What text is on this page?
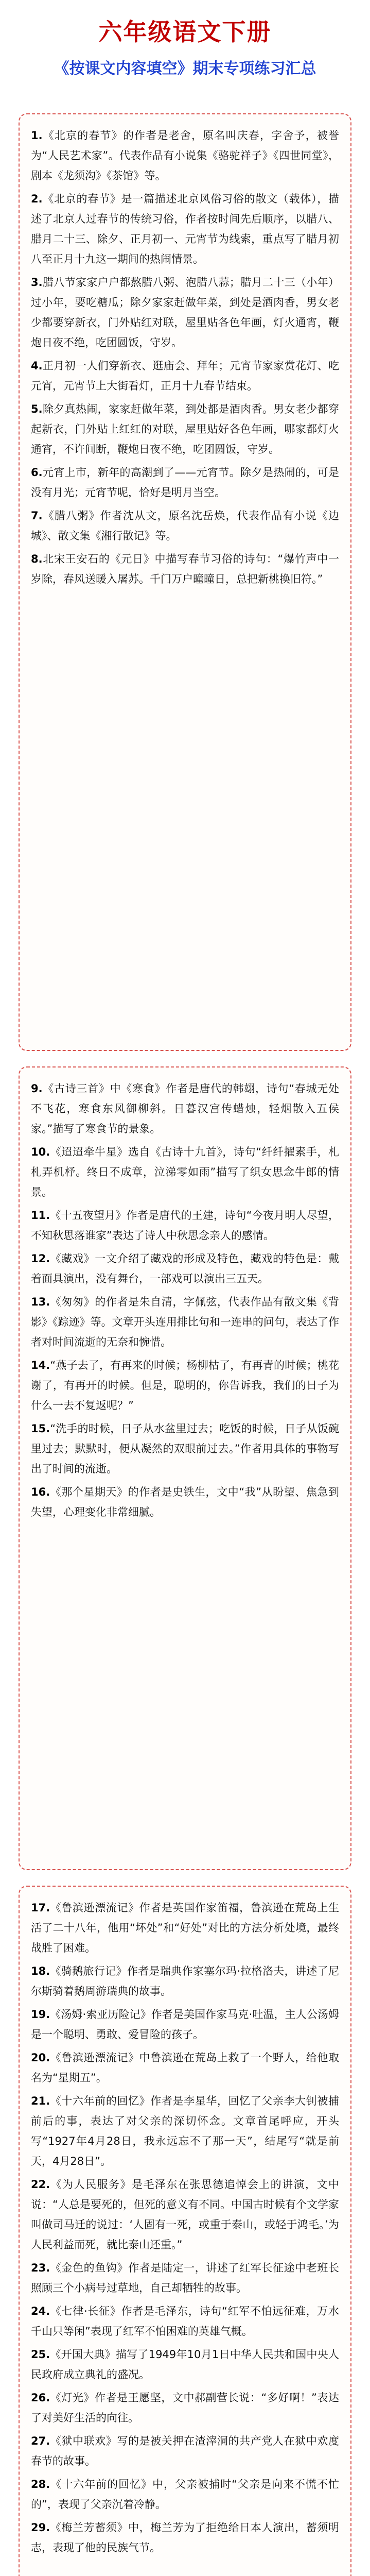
六年级语文下册
《按课文内容填空》期末专项练习汇总
1.《北京的春节》的作者是老舍，原名叫庆春，字舍予，被誉为“人民艺术家”。代表作品有小说集《骆驼祥子》《四世同堂》，剧本《龙须沟》《茶馆》等。
2.《北京的春节》是一篇描述北京风俗习俗的散文（载体），描述了北京人过春节的传统习俗，作者按时间先后顺序，以腊八、腊月二十三、除夕、正月初一、元宵节为线索，重点写了腊月初八至正月十九这一期间的热闹情景。
3.腊八节家家户户都熬腊八粥、泡腊八蒜；腊月二十三（小年）过小年，要吃糖瓜；除夕家家赶做年菜，到处是酒肉香，男女老少都要穿新衣，门外贴红对联，屋里贴各色年画，灯火通宵，鞭炮日夜不绝，吃团圆饭，守岁。
4.正月初一人们穿新衣、逛庙会、拜年；元宵节家家赏花灯、吃元宵，元宵节上大街看灯，正月十九春节结束。
5.除夕真热闹，家家赶做年菜，到处都是酒肉香。男女老少都穿起新衣，门外贴上红红的对联，屋里贴好各色年画，哪家都灯火通宵，不许间断，鞭炮日夜不绝，吃团圆饭，守岁。
6.元宵上市，新年的高潮到了——元宵节。除夕是热闹的，可是没有月光；元宵节呢，恰好是明月当空。
7.《腊八粥》作者沈从文，原名沈岳焕，代表作品有小说《边城》、散文集《湘行散记》等。
8.北宋王安石的《元日》中描写春节习俗的诗句：“爆竹声中一岁除，春风送暖入屠苏。千门万户曈曈日，总把新桃换旧符。”
9.《古诗三首》中《寒食》作者是唐代的韩翃，诗句“春城无处不飞花，寒食东风御柳斜。日暮汉宫传蜡烛，轻烟散入五侯家。”描写了寒食节的景象。
10.《迢迢牵牛星》选自《古诗十九首》，诗句“纤纤擢素手，札札弄机杼。终日不成章，泣涕零如雨”描写了织女思念牛郎的情景。
11.《十五夜望月》作者是唐代的王建，诗句“今夜月明人尽望，不知秋思落谁家”表达了诗人中秋思念亲人的感情。
12.《藏戏》一文介绍了藏戏的形成及特色，藏戏的特色是：戴着面具演出，没有舞台，一部戏可以演出三五天。
13.《匆匆》的作者是朱自清，字佩弦，代表作品有散文集《背影》《踪迹》等。文章开头连用排比句和一连串的问句，表达了作者对时间流逝的无奈和惋惜。
14.“燕子去了，有再来的时候；杨柳枯了，有再青的时候；桃花谢了，有再开的时候。但是，聪明的，你告诉我，我们的日子为什么一去不复返呢？”
15.“洗手的时候，日子从水盆里过去；吃饭的时候，日子从饭碗里过去；默默时，便从凝然的双眼前过去。”作者用具体的事物写出了时间的流逝。
16.《那个星期天》的作者是史铁生，文中“我”从盼望、焦急到失望，心理变化非常细腻。
17.《鲁滨逊漂流记》作者是英国作家笛福，鲁滨逊在荒岛上生活了二十八年，他用“坏处”和“好处”对比的方法分析处境，最终战胜了困难。
18.《骑鹅旅行记》作者是瑞典作家塞尔玛·拉格洛夫，讲述了尼尔斯骑着鹅周游瑞典的故事。
19.《汤姆·索亚历险记》作者是美国作家马克·吐温，主人公汤姆是一个聪明、勇敢、爱冒险的孩子。
20.《鲁滨逊漂流记》中鲁滨逊在荒岛上救了一个野人，给他取名为“星期五”。
21.《十六年前的回忆》作者是李星华，回忆了父亲李大钊被捕前后的事，表达了对父亲的深切怀念。文章首尾呼应，开头写“1927年4月28日，我永远忘不了那一天”，结尾写“就是前天，4月28日”。
22.《为人民服务》是毛泽东在张思德追悼会上的讲演，文中说：“人总是要死的，但死的意义有不同。中国古时候有个文学家叫做司马迁的说过：‘人固有一死，或重于泰山，或轻于鸿毛。’为人民利益而死，就比泰山还重。”
23.《金色的鱼钩》作者是陆定一，讲述了红军长征途中老班长照顾三个小病号过草地，自己却牺牲的故事。
24.《七律·长征》作者是毛泽东，诗句“红军不怕远征难，万水千山只等闲”表现了红军不怕困难的英雄气概。
25.《开国大典》描写了1949年10月1日中华人民共和国中央人民政府成立典礼的盛况。
26.《灯光》作者是王愿坚，文中郝副营长说：“多好啊！”表达了对美好生活的向往。
27.《狱中联欢》写的是被关押在渣滓洞的共产党人在狱中欢度春节的故事。
28.《十六年前的回忆》中，父亲被捕时“父亲是向来不慌不忙的”，表现了父亲沉着冷静。
29.《梅兰芳蓄须》中，梅兰芳为了拒绝给日本人演出，蓄须明志，表现了他的民族气节。
